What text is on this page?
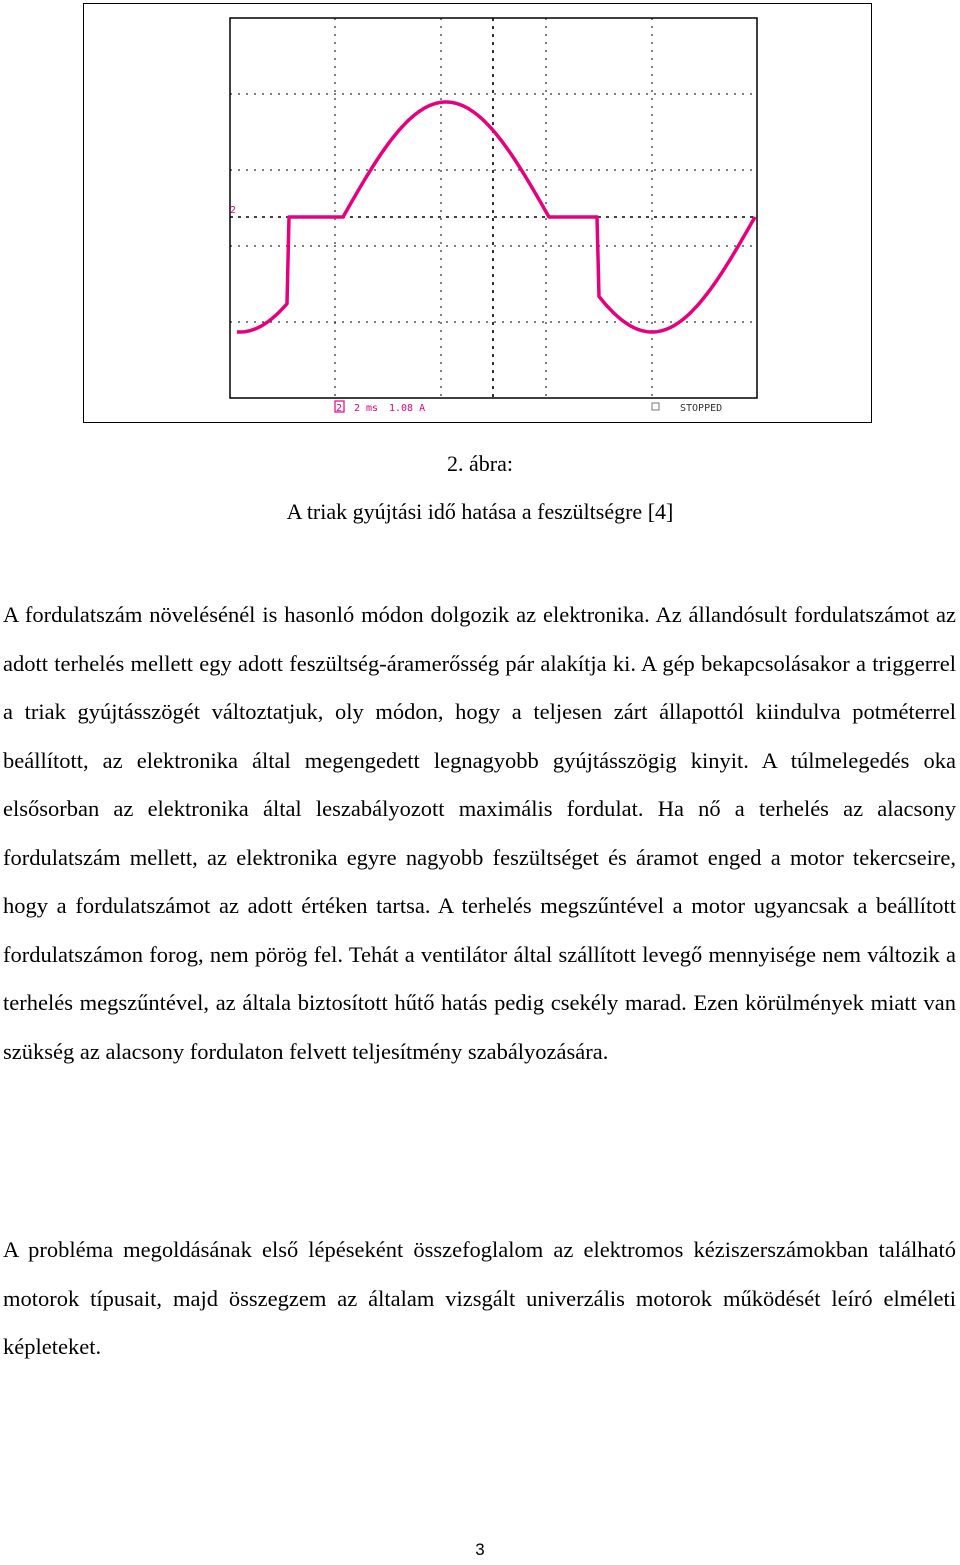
2
2 2 ms 1.08 A	STOPPED
2. ábra:
A triak gyújtási idő hatása a feszültségre [4]
A fordulatszám növelésénél is hasonló módon dolgozik az elektronika. Az állandósult fordulatszámot az adott terhelés mellett egy adott feszültség-áramerősség pár alakítja ki. A gép bekapcsolásakor a triggerrel a triak gyújtásszögét változtatjuk, oly módon, hogy a teljesen zárt állapottól kiindulva potméterrel beállított, az elektronika által megengedett legnagyobb gyújtásszögig kinyit. A túlmelegedés oka elsősorban az elektronika által leszabályozott maximális fordulat. Ha nő a terhelés az alacsony fordulatszám mellett, az elektronika egyre nagyobb feszültséget és áramot enged a motor tekercseire, hogy a fordulatszámot az adott értéken tartsa. A terhelés megszűntével a motor ugyancsak a beállított fordulatszámon forog, nem pörög fel. Tehát a ventilátor által szállított levegő mennyisége nem változik a terhelés megszűntével, az általa biztosított hűtő hatás pedig csekély marad. Ezen körülmények miatt van szükség az alacsony fordulaton felvett teljesítmény szabályozására.
A probléma megoldásának első lépéseként összefoglalom az elektromos kéziszerszámokban található motorok típusait, majd összegzem az általam vizsgált univerzális motorok működését leíró elméleti képleteket.
3
